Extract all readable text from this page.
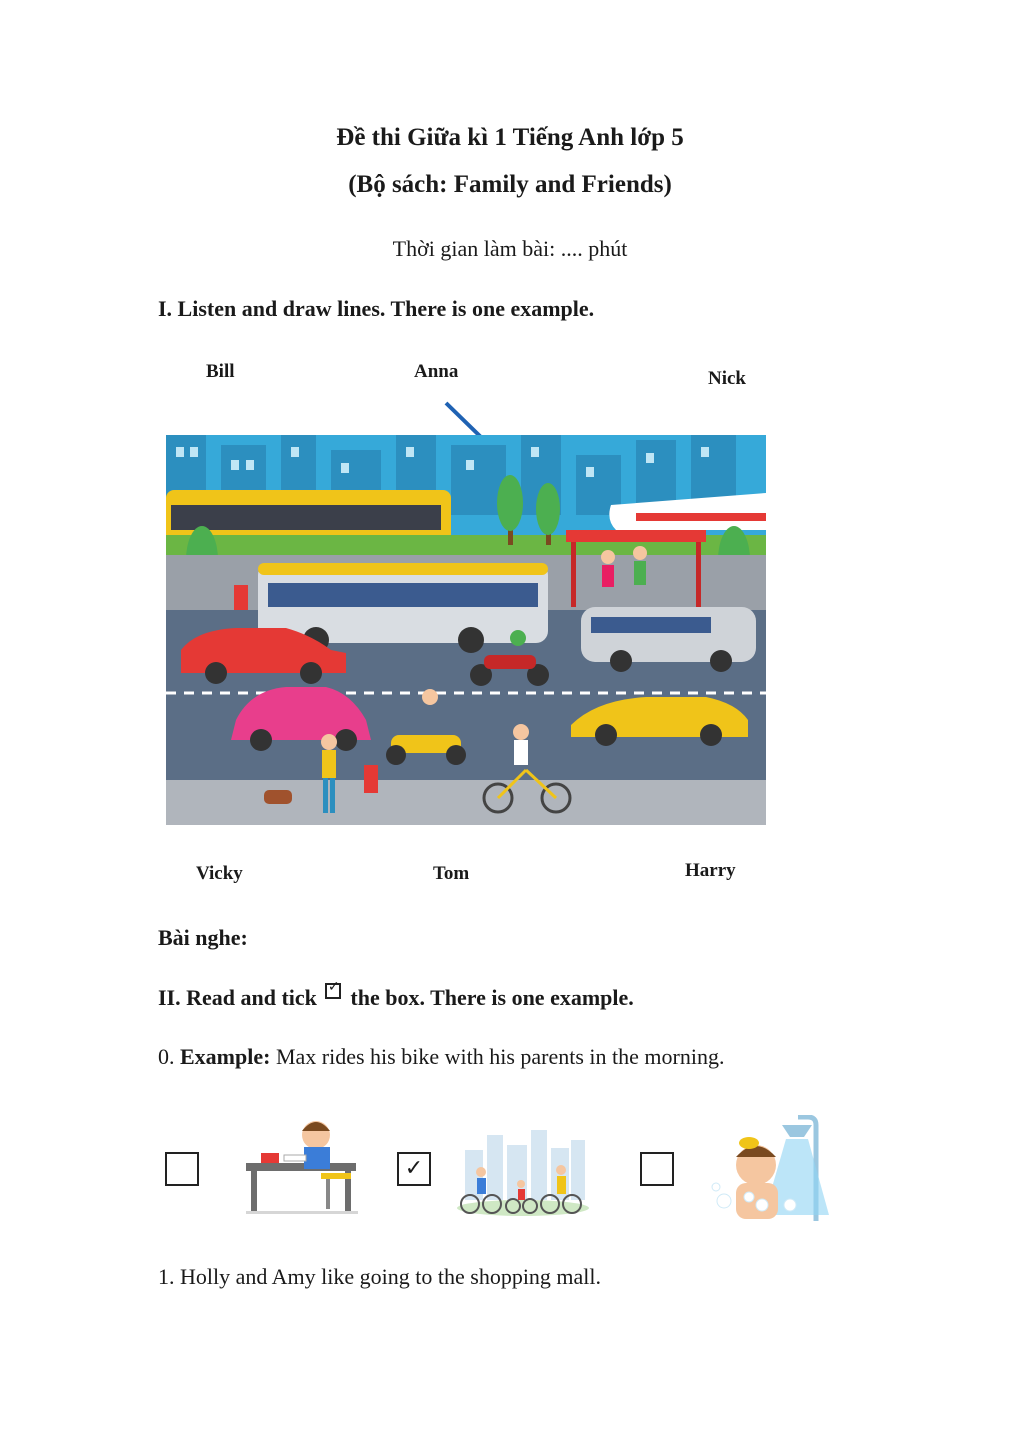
Đề thi Giữa kì 1 Tiếng Anh lớp 5
(Bộ sách: Family and Friends)
Thời gian làm bài: .... phút
I. Listen and draw lines. There is one example.
Bill	Anna	Nick
Vicky	Tom	Harry
Bài nghe:
II. Read and tick ✓ the box. There is one example.
0. Example: Max rides his bike with his parents in the morning.
✓
1. Holly and Amy like going to the shopping mall.
